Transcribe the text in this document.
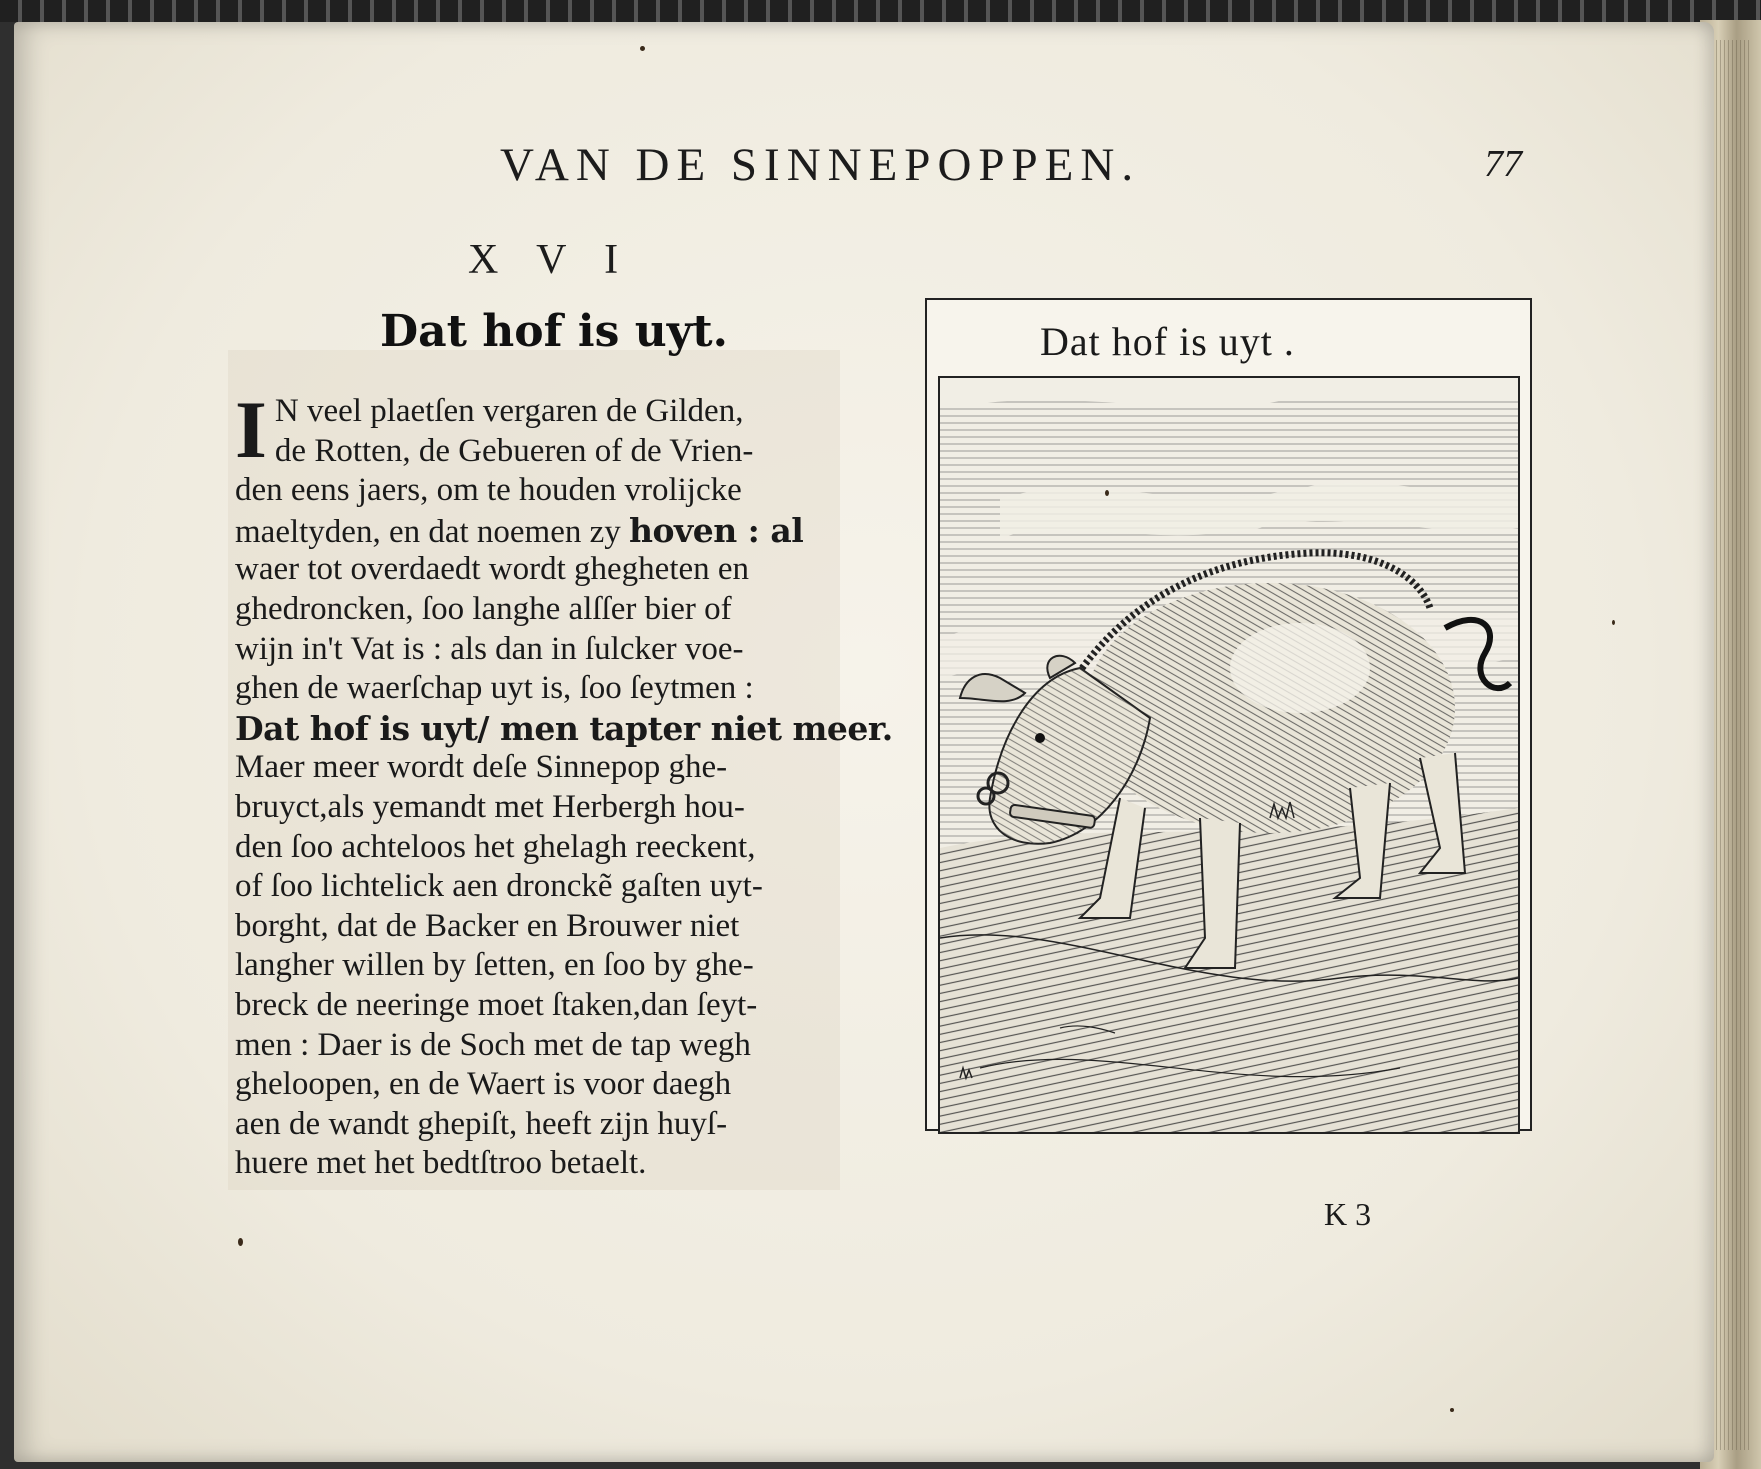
VAN DE SINNEPOPPEN.	77
X V I
Dat hof is uyt.
I N veel plaetſen vergaren de Gilden,
de Rotten, de Gebueren of de Vrien-
den eens jaers, om te houden vrolijcke
maeltyden, en dat noemen zy hoven : al
waer tot overdaedt wordt ghegheten en
ghedroncken, ſoo langhe alſſer bier of
wijn in't Vat is : als dan in ſulcker voe-
ghen de waerſchap uyt is, ſoo ſeytmen :
Dat hof is uyt/ men tapter niet meer.
Maer meer wordt deſe Sinnepop ghe-
bruyct,als yemandt met Herbergh hou-
den ſoo achteloos het ghelagh reeckent,
of ſoo lichtelick aen dronckẽ gaſten uyt-
borght, dat de Backer en Brouwer niet
langher willen by ſetten, en ſoo by ghe-
breck de neeringe moet ſtaken,dan ſeyt-
men : Daer is de Soch met de tap wegh
gheloopen, en de Waert is voor daegh
aen de wandt ghepiſt, heeft zijn huyſ-
huere met het bedtſtroo betaelt.
Dat hof is uyt .
K 3
